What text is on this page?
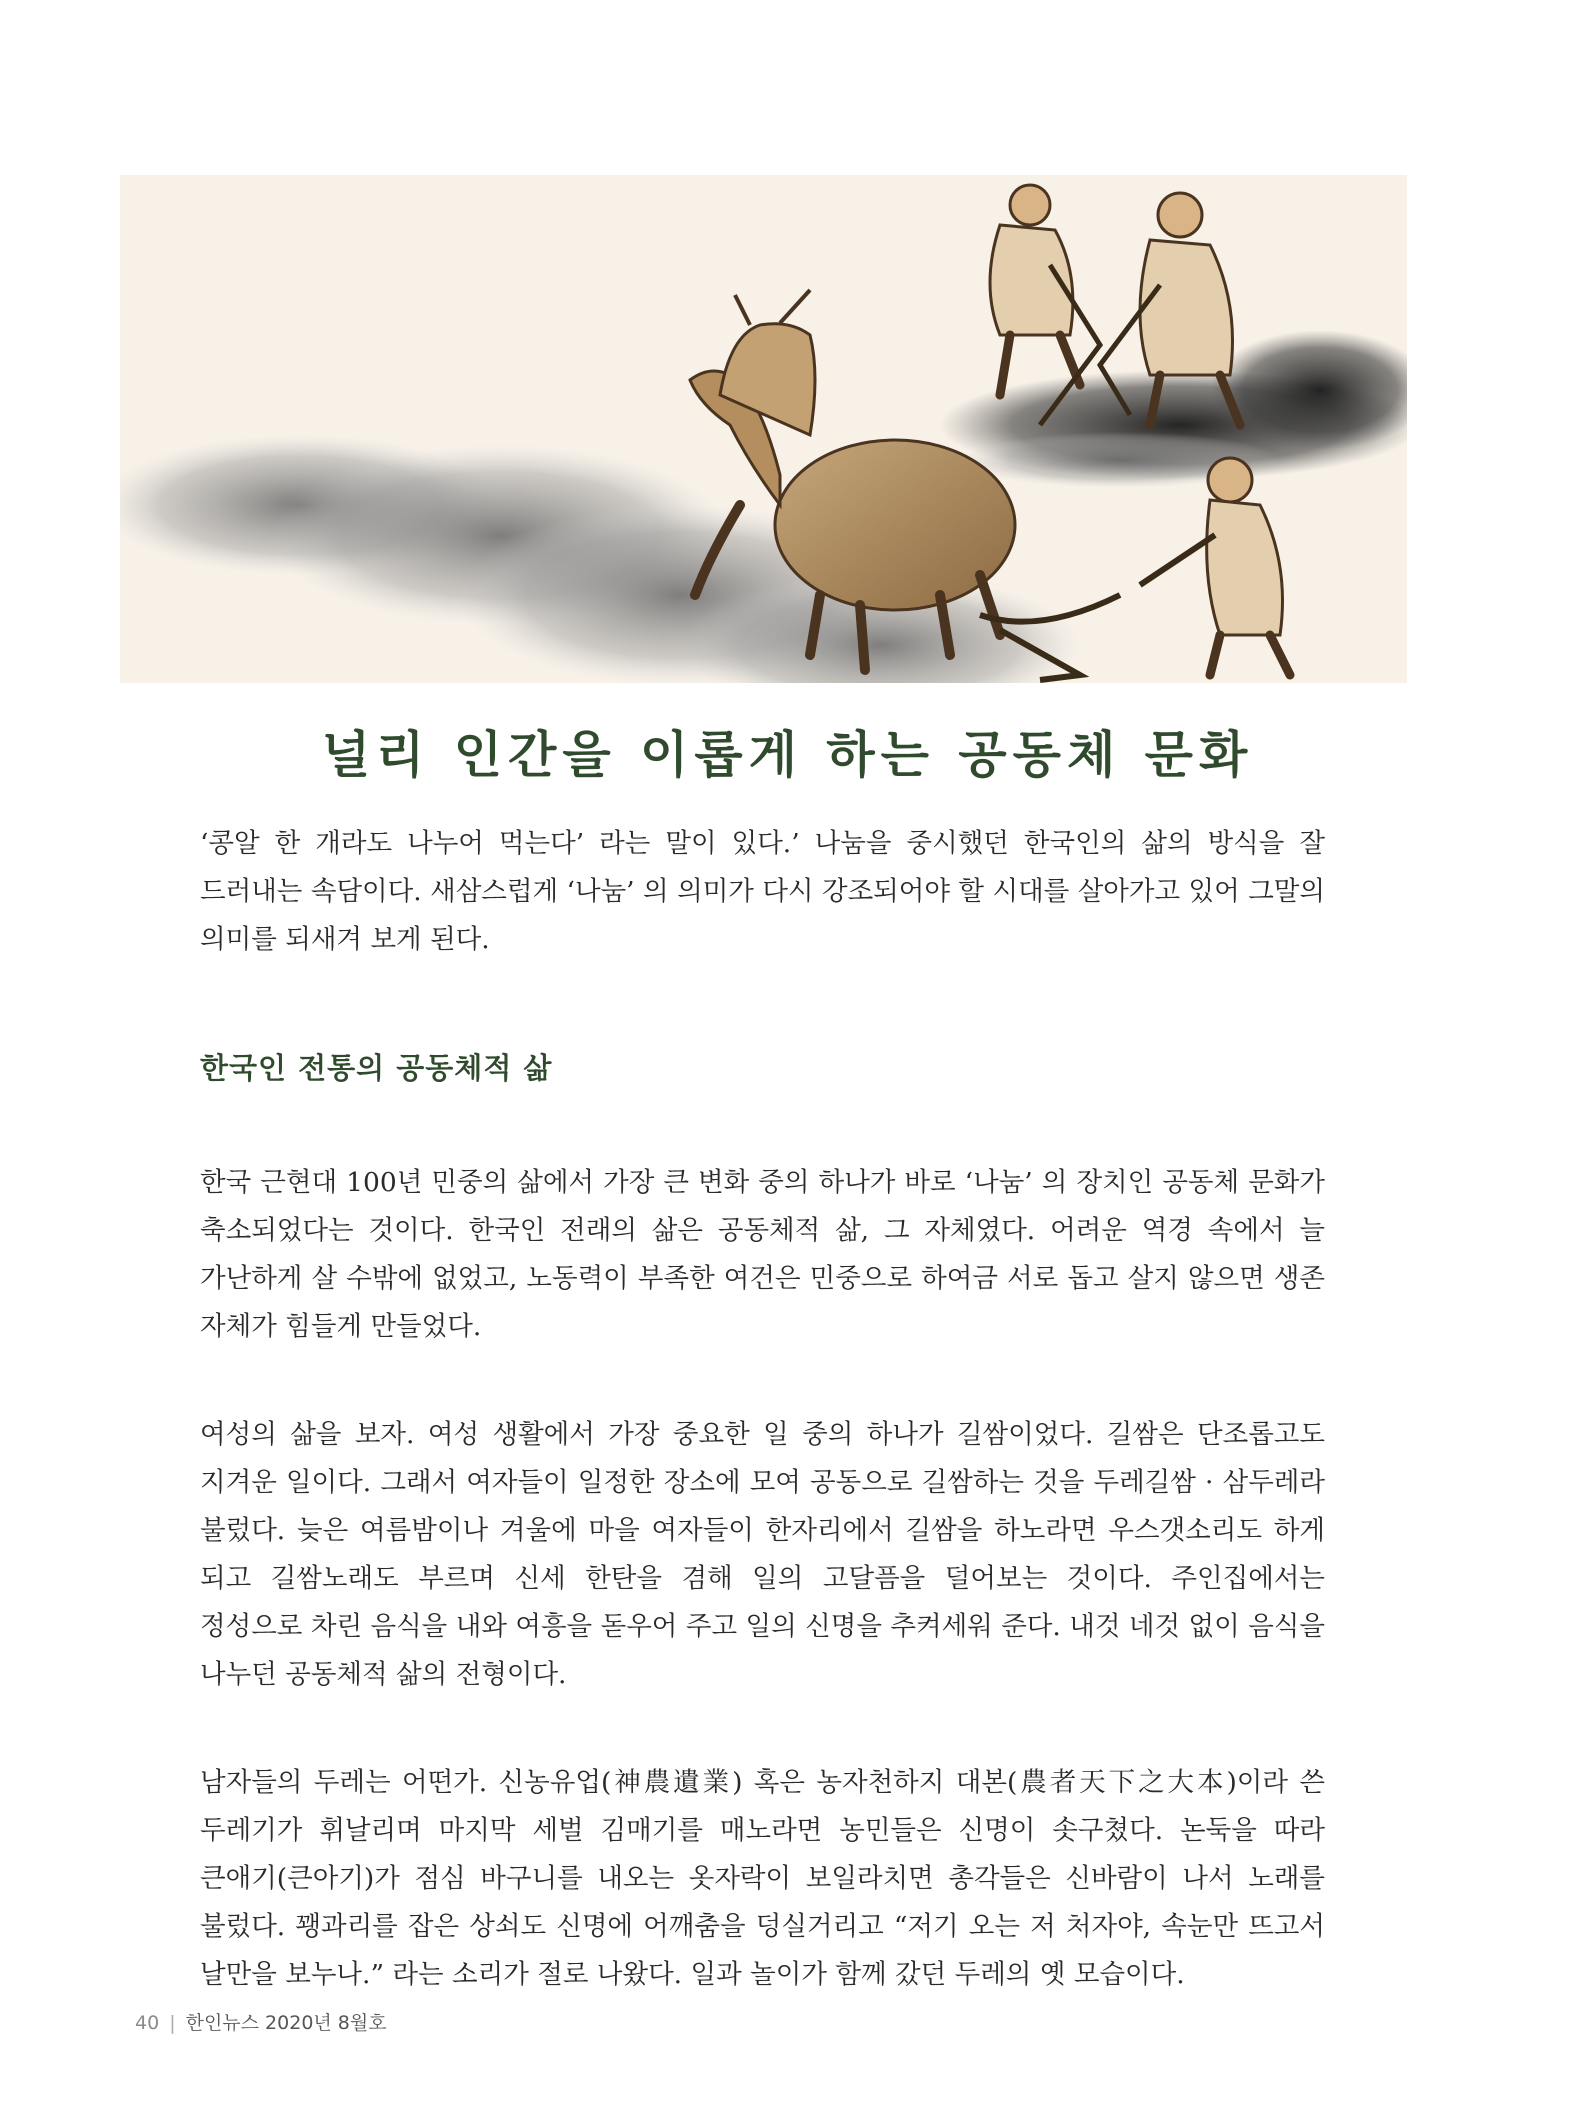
널리 인간을 이롭게 하는 공동체 문화

‘콩알 한 개라도 나누어 먹는다’ 라는 말이 있다.’ 나눔을 중시했던 한국인의 삶의 방식을 잘 드러내는 속담이다. 새삼스럽게 ‘나눔’ 의 의미가 다시 강조되어야 할 시대를 살아가고 있어 그말의 의미를 되새겨 보게 된다.

한국인 전통의 공동체적 삶

한국 근현대 100년 민중의 삶에서 가장 큰 변화 중의 하나가 바로 ‘나눔’ 의 장치인 공동체 문화가 축소되었다는 것이다. 한국인 전래의 삶은 공동체적 삶, 그 자체였다. 어려운 역경 속에서 늘 가난하게 살 수밖에 없었고, 노동력이 부족한 여건은 민중으로 하여금 서로 돕고 살지 않으면 생존 자체가 힘들게 만들었다.

여성의 삶을 보자. 여성 생활에서 가장 중요한 일 중의 하나가 길쌈이었다. 길쌈은 단조롭고도 지겨운 일이다. 그래서 여자들이 일정한 장소에 모여 공동으로 길쌈하는 것을 두레길쌈 · 삼두레라 불렀다. 늦은 여름밤이나 겨울에 마을 여자들이 한자리에서 길쌈을 하노라면 우스갯소리도 하게 되고 길쌈노래도 부르며 신세 한탄을 겸해 일의 고달픔을 덜어보는 것이다. 주인집에서는 정성으로 차린 음식을 내와 여흥을 돋우어 주고 일의 신명을 추켜세워 준다. 내것 네것 없이 음식을 나누던 공동체적 삶의 전형이다.

남자들의 두레는 어떤가. 신농유업(神農遺業) 혹은 농자천하지 대본(農者天下之大本)이라 쓴 두레기가 휘날리며 마지막 세벌 김매기를 매노라면 농민들은 신명이 솟구쳤다. 논둑을 따라 큰애기(큰아기)가 점심 바구니를 내오는 옷자락이 보일라치면 총각들은 신바람이 나서 노래를 불렀다. 꽹과리를 잡은 상쇠도 신명에 어깨춤을 덩실거리고 “저기 오는 저 처자야, 속눈만 뜨고서 날만을 보누나.” 라는 소리가 절로 나왔다. 일과 놀이가 함께 갔던 두레의 옛 모습이다.

40 | 한인뉴스 2020년 8월호
